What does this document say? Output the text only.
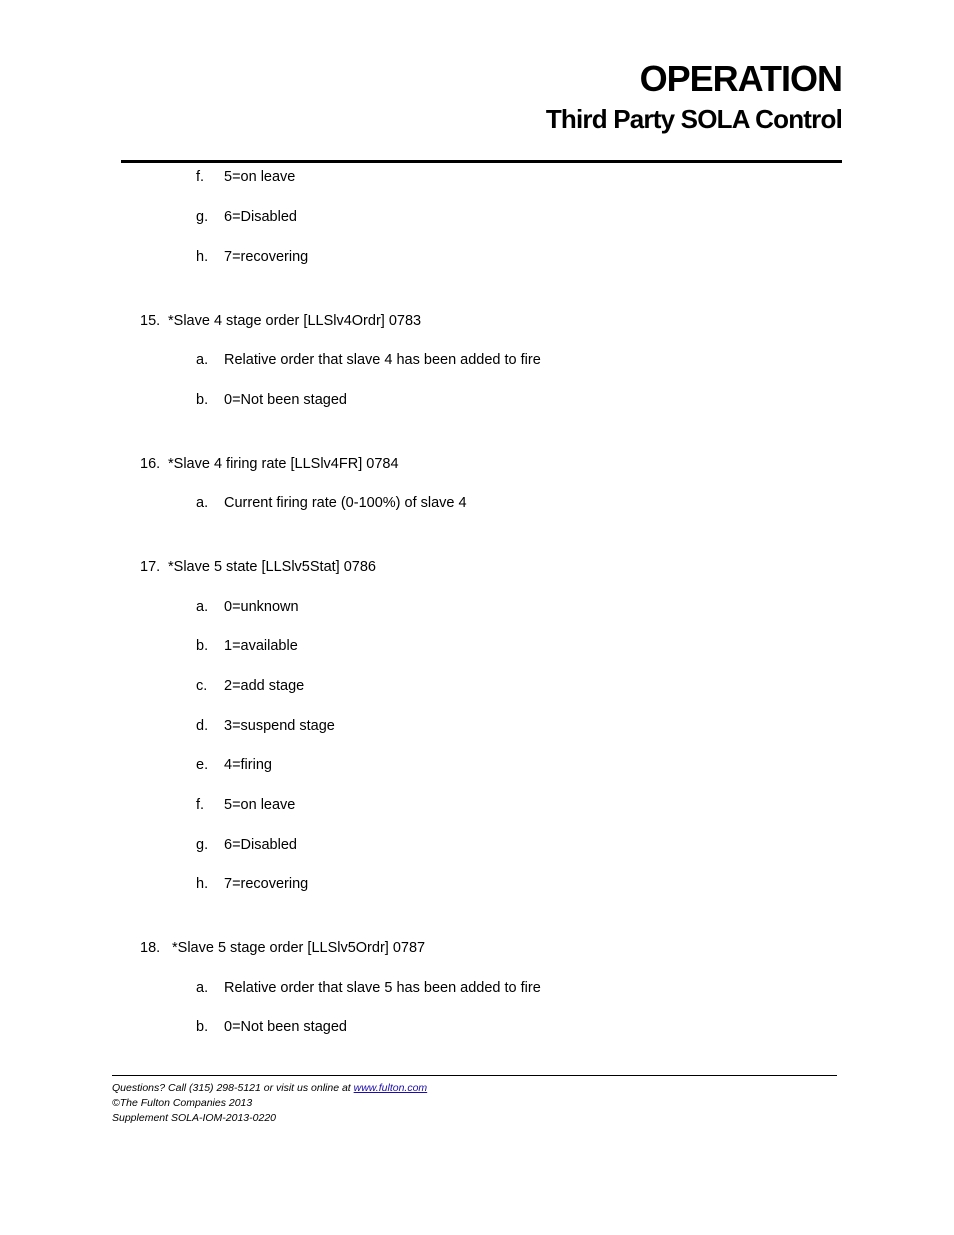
OPERATION
Third Party SOLA Control
f. 5=on leave
g. 6=Disabled
h. 7=recovering
15. *Slave 4 stage order [LLSlv4Ordr] 0783
a. Relative order that slave 4 has been added to fire
b. 0=Not been staged
16. *Slave 4 firing rate [LLSlv4FR] 0784
a. Current firing rate (0-100%) of slave 4
17. *Slave 5 state [LLSlv5Stat] 0786
a. 0=unknown
b. 1=available
c. 2=add stage
d. 3=suspend stage
e. 4=firing
f. 5=on leave
g. 6=Disabled
h. 7=recovering
18. *Slave 5 stage order [LLSlv5Ordr] 0787
a. Relative order that slave 5 has been added to fire
b. 0=Not been staged
Questions? Call (315) 298-5121 or visit us online at www.fulton.com
©The Fulton Companies 2013
Supplement SOLA-IOM-2013-0220
